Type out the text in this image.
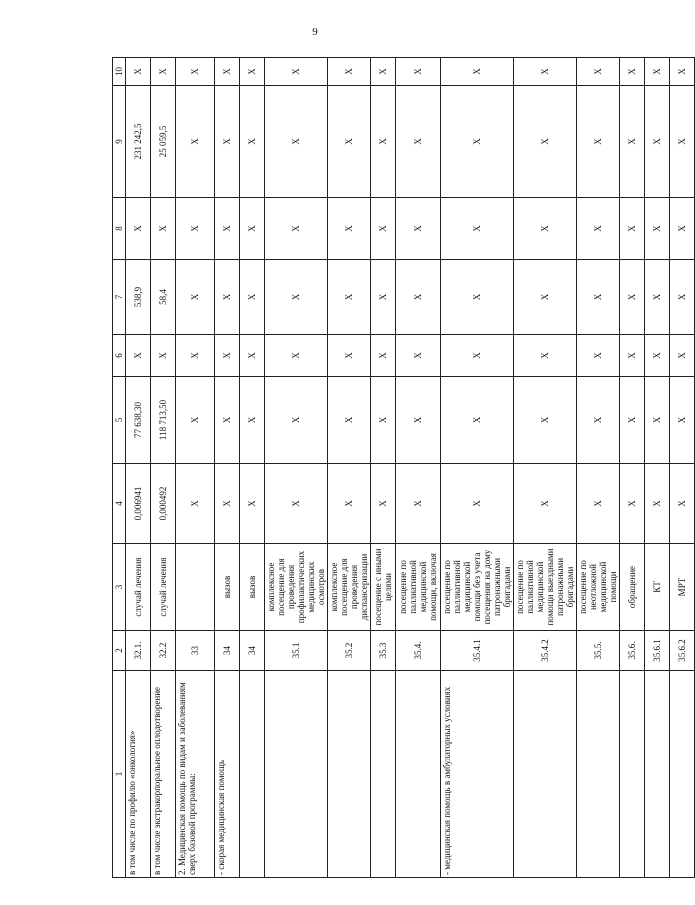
9
1	2	3	4	5	6	7	8	9	10
в том числе по профилю «онкология»	32.1.	случай лечения	0,006941	77 638,30	X	538,9	X	231 242,5	X
в том числе экстракорпоральное оплодотворение	32.2	случай лечения	0,000492	118 713,50	X	58,4	X	25 059,5	X
2. Медицинская помощь по видам и заболеваниям сверх базовой программы:	33		X	X	X	X	X	X	X
- скорая медицинская помощь	34	вызов	X	X	X	X	X	X	X
	34	вызов	X	X	X	X	X	X	X
	35.1	комплексное посещение для проведения профилактических медицинских осмотров	X	X	X	X	X	X	X
	35.2	комплексное посещение для проведения диспансеризации	X	X	X	X	X	X	X
	35.3	посещение с иными целями	X	X	X	X	X	X	X
	35.4.	посещение по паллиативной медицинской помощи, включая	X	X	X	X	X	X	X
- медицинская помощь в амбулаторных условиях	35.4.1	посещение по паллиативной медицинской помощи без учета посещения на дому патронажными бригадами	X	X	X	X	X	X	X
	35.4.2	посещение по паллиативной медицинской помощи выездными патронажными бригадами	X	X	X	X	X	X	X
	35.5.	посещение по неотложной медицинской помощи	X	X	X	X	X	X	X
	35.6.	обращение	X	X	X	X	X	X	X
	35.6.1	КТ	X	X	X	X	X	X	X
	35.6.2	МРТ	X	X	X	X	X	X	X
